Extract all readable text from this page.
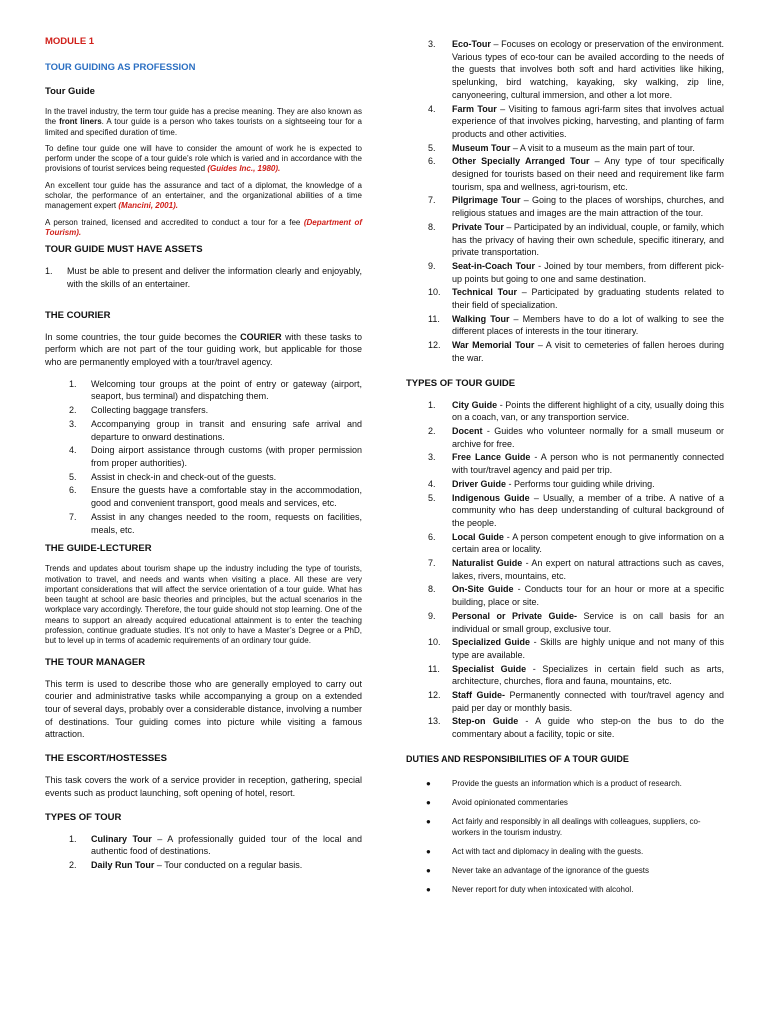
MODULE 1

TOUR GUIDING AS PROFESSION

Tour Guide

In the travel industry, the term tour guide has a precise meaning. They are also known as the front liners. A tour guide is a person who takes tourists on a sightseeing tour for a limited and specified duration of time.

To define tour guide one will have to consider the amount of work he is expected to perform under the scope of a tour guide’s role which is varied and in accordance with the provisions of tourist services being requested (Guides Inc., 1980).

An excellent tour guide has the assurance and tact of a diplomat, the knowledge of a scholar, the performance of an entertainer, and the organizational abilities of a time management expert (Mancini, 2001).

A person trained, licensed and accredited to conduct a tour for a fee (Department of Tourism).

TOUR GUIDE MUST HAVE ASSETS

1. Must be able to present and deliver the information clearly and enjoyably, with the skills of an entertainer.

THE COURIER

In some countries, the tour guide becomes the COURIER with these tasks to perform which are not part of the tour guiding work, but applicable for those who are permanently employed with a tour/travel agency.

1. Welcoming tour groups at the point of entry or gateway (airport, seaport, bus terminal) and dispatching them.
2. Collecting baggage transfers.
3. Accompanying group in transit and ensuring safe arrival and departure to onward destinations.
4. Doing airport assistance through customs (with proper permission from proper authorities).
5. Assist in check-in and check-out of the guests.
6. Ensure the guests have a comfortable stay in the accommodation, good and convenient transport, good meals and services, etc.
7. Assist in any changes needed to the room, requests on facilities, meals, etc.

THE GUIDE-LECTURER

Trends and updates about tourism shape up the industry including the type of tourists, motivation to travel, and needs and wants when visiting a place. All these are very important considerations that will affect the service orientation of a tour guide. What has been taught at school are basic theories and principles, but the actual scenarios in the workplace vary accordingly. Therefore, the tour guide should not stop learning. One of the means to support an already acquired educational attainment is to enter the teaching profession, continue graduate studies. It’s not only to have a Master’s Degree or a PhD, but to level up in terms of academic requirements of an ordinary tour guide.

THE TOUR MANAGER

This term is used to describe those who are generally employed to carry out courier and administrative tasks while accompanying a group on a extended tour of several days, probably over a considerable distance, involving a number of destinations. Tour guiding comes into picture while visiting a famous attraction.

THE ESCORT/HOSTESSES

This task covers the work of a service provider in reception, gathering, special events such as product launching, soft opening of hotel, resort.

TYPES OF TOUR

1. Culinary Tour – A professionally guided tour of the local and authentic food of destinations.
2. Daily Run Tour – Tour conducted on a regular basis.
3. Eco-Tour – Focuses on ecology or preservation of the environment. Various types of eco-tour can be availed according to the needs of the guests that involves both soft and hard activities like hiking, spelunking, bird watching, kayaking, sky walking, zip line, canyoneering, cultural immersion, and other a lot more.
4. Farm Tour – Visiting to famous agri-farm sites that involves actual experience of that involves picking, harvesting, and planting of farm products and other activities.
5. Museum Tour – A visit to a museum as the main part of tour.
6. Other Specially Arranged Tour – Any type of tour specifically designed for tourists based on their need and requirement like farm tourism, spa and wellness, agri-tourism, etc.
7. Pilgrimage Tour – Going to the places of worships, churches, and religious statues and images are the main attraction of the tour.
8. Private Tour – Participated by an individual, couple, or family, which has the privacy of having their own schedule, specific itinerary, and private transportation.
9. Seat-in-Coach Tour - Joined by tour members, from different pick-up points but going to one and same destination.
10. Technical Tour – Participated by graduating students related to their field of specialization.
11. Walking Tour – Members have to do a lot of walking to see the different places of interests in the tour itinerary.
12. War Memorial Tour – A visit to cemeteries of fallen heroes during the war.

TYPES OF TOUR GUIDE

1. City Guide - Points the different highlight of a city, usually doing this on a coach, van, or any transportion service.
2. Docent - Guides who volunteer normally for a small museum or archive for free.
3. Free Lance Guide - A person who is not permanently connected with tour/travel agency and paid per trip.
4. Driver Guide - Performs tour guiding while driving.
5. Indigenous Guide – Usually, a member of a tribe. A native of a community who has deep understanding of cultural background of the people.
6. Local Guide - A person competent enough to give information on a certain area or locality.
7. Naturalist Guide - An expert on natural attractions such as caves, lakes, rivers, mountains, etc.
8. On-Site Guide - Conducts tour for an hour or more at a specific building, place or site.
9. Personal or Private Guide- Service is on call basis for an individual or small group, exclusive tour.
10. Specialized Guide - Skills are highly unique and not many of this type are available.
11. Specialist Guide - Specializes in certain field such as arts, architecture, churches, flora and fauna, mountains, etc.
12. Staff Guide- Permanently connected with tour/travel agency and paid per day or monthly basis.
13. Step-on Guide - A guide who step-on the bus to do the commentary about a facility, topic or site.

DUTIES AND RESPONSIBILITIES OF A TOUR GUIDE

●	Provide the guests an information which is a product of research.
●	Avoid opinionated commentaries
●	Act fairly and responsibly in all dealings with colleagues, suppliers, co-workers in the tourism industry.
●	Act with tact and diplomacy in dealing with the guests.
●	Never take an advantage of the ignorance of the guests
●	Never report for duty when intoxicated with alcohol.
